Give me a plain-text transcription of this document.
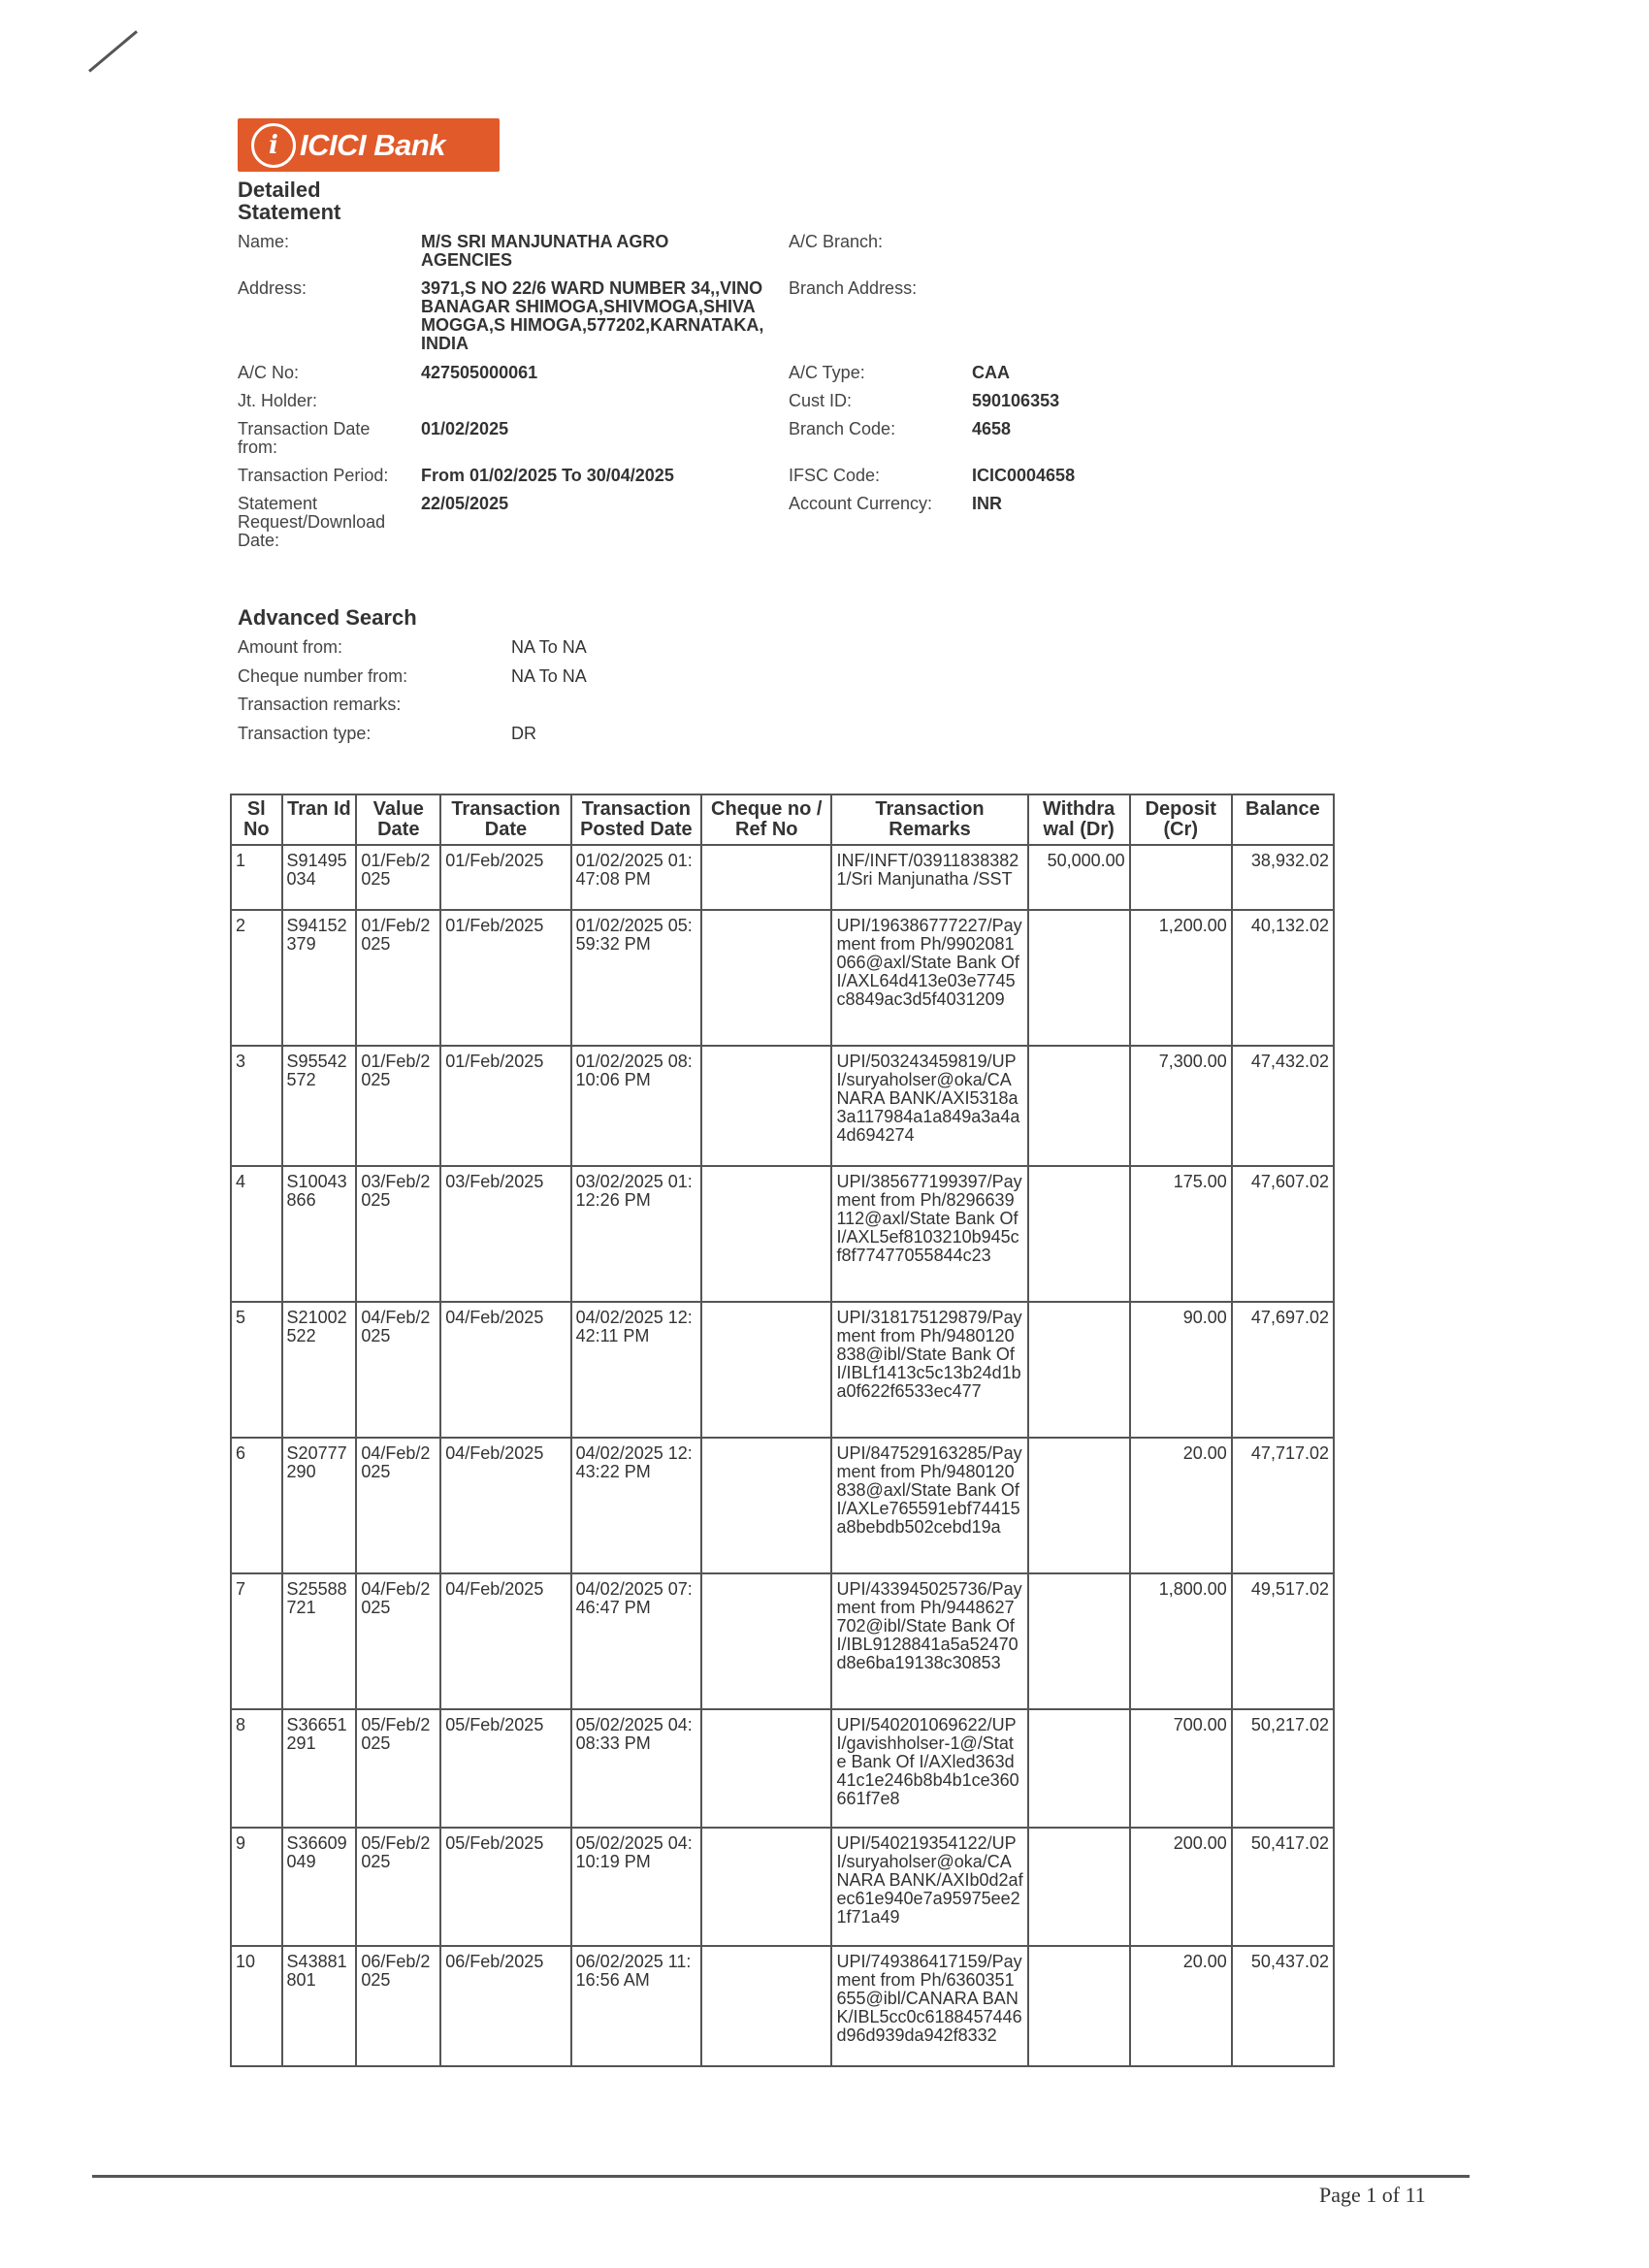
i ICICI Bank
Detailed Statement
Name:	M/S SRI MANJUNATHA AGRO AGENCIES
Address:	3971,S NO 22/6 WARD NUMBER 34,,VINOBANAGAR SHIMOGA,SHIVMOGA,SHIVAMOGGA,S HIMOGA,577202,KARNATAKA,INDIA
A/C No:	427505000061
Jt. Holder:
Transaction Date from:
01/02/2025
Transaction Period: From 01/02/2025 To 30/04/2025
Statement Request/Download Date:
22/05/2025
A/C Branch:
Branch Address:
A/C Type:	CAA
Cust ID:	590106353
Branch Code:	4658
IFSC Code:	ICIC0004658
Account Currency: INR
Advanced Search
Amount from:	NA To NA
Cheque number from:	NA To NA
Transaction remarks:
Transaction type:	DR
Sl No	Tran Id	Value Date	Transaction Date	Transaction Posted Date	Cheque no / Ref No	Transaction Remarks	Withdra wal (Dr)	Deposit (Cr)	Balance
1	S91495034	01/Feb/2025	01/Feb/2025	01/02/2025 01:47:08 PM		INF/INFT/039118383821/Sri Manjunatha /SST	50,000.00		38,932.02
2	S94152379	01/Feb/2025	01/Feb/2025	01/02/2025 05:59:32 PM		UPI/196386777227/Payment from Ph/9902081066@axl/State Bank Of I/AXL64d413e03e7745c8849ac3d5f4031209		1,200.00	40,132.02
3	S95542572	01/Feb/2025	01/Feb/2025	01/02/2025 08:10:06 PM		UPI/503243459819/UPI/suryaholser@oka/CANARA BANK/AXI5318a3a117984a1a849a3a4a4d694274		7,300.00	47,432.02
4	S10043866	03/Feb/2025	03/Feb/2025	03/02/2025 01:12:26 PM		UPI/385677199397/Payment from Ph/8296639112@axl/State Bank Of I/AXL5ef8103210b945cf8f77477055844c23		175.00	47,607.02
5	S21002522	04/Feb/2025	04/Feb/2025	04/02/2025 12:42:11 PM		UPI/318175129879/Payment from Ph/9480120838@ibl/State Bank Of I/IBLf1413c5c13b24d1ba0f622f6533ec477		90.00	47,697.02
6	S20777290	04/Feb/2025	04/Feb/2025	04/02/2025 12:43:22 PM		UPI/847529163285/Payment from Ph/9480120838@axl/State Bank Of I/AXLe765591ebf74415a8bebdb502cebd19a		20.00	47,717.02
7	S25588721	04/Feb/2025	04/Feb/2025	04/02/2025 07:46:47 PM		UPI/433945025736/Payment from Ph/9448627702@ibl/State Bank Of I/IBL9128841a5a52470d8e6ba19138c30853		1,800.00	49,517.02
8	S36651291	05/Feb/2025	05/Feb/2025	05/02/2025 04:08:33 PM		UPI/540201069622/UPI/gavishholser-1@/State Bank Of I/AXled363d41c1e246b8b4b1ce360661f7e8		700.00	50,217.02
9	S36609049	05/Feb/2025	05/Feb/2025	05/02/2025 04:10:19 PM		UPI/540219354122/UPI/suryaholser@oka/CANARA BANK/AXIb0d2afec61e940e7a95975ee21f71a49		200.00	50,417.02
10	S43881801	06/Feb/2025	06/Feb/2025	06/02/2025 11:16:56 AM		UPI/749386417159/Payment from Ph/6360351655@ibl/CANARA BANK/IBL5cc0c6188457446d96d939da942f8332		20.00	50,437.02
Page 1 of 11
